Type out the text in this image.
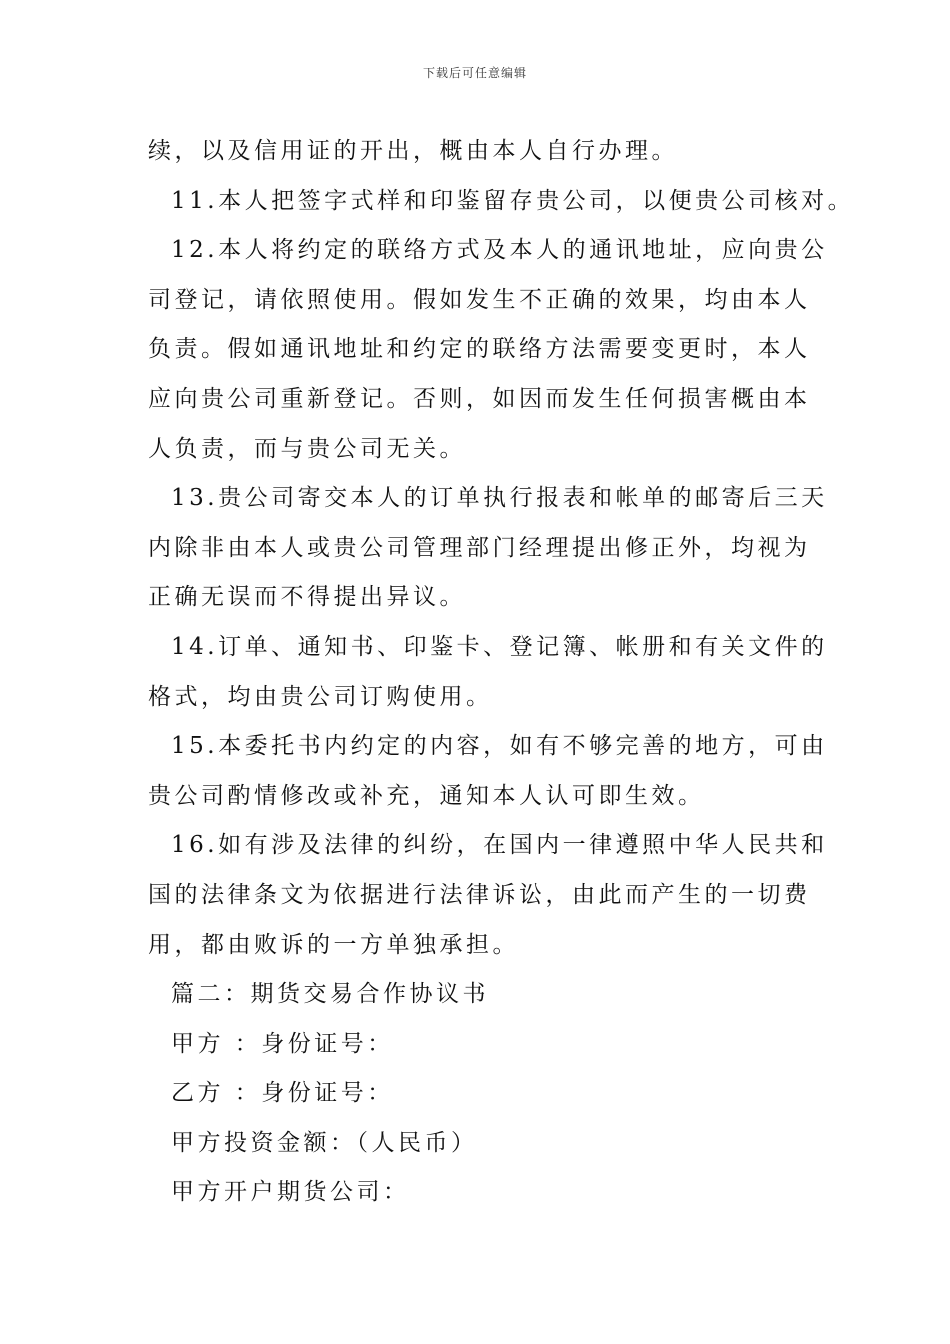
下载后可任意编辑
续，以及信用证的开出，概由本人自行办理。
11.本人把签字式样和印鉴留存贵公司，以便贵公司核对。
12.本人将约定的联络方式及本人的通讯地址，应向贵公
司登记，请依照使用。假如发生不正确的效果，均由本人
负责。假如通讯地址和约定的联络方法需要变更时，本人
应向贵公司重新登记。否则，如因而发生任何损害概由本
人负责，而与贵公司无关。
13.贵公司寄交本人的订单执行报表和帐单的邮寄后三天
内除非由本人或贵公司管理部门经理提出修正外，均视为
正确无误而不得提出异议。
14.订单、通知书、印鉴卡、登记簿、帐册和有关文件的
格式，均由贵公司订购使用。
15.本委托书内约定的内容，如有不够完善的地方，可由
贵公司酌情修改或补充，通知本人认可即生效。
16.如有涉及法律的纠纷，在国内一律遵照中华人民共和
国的法律条文为依据进行法律诉讼，由此而产生的一切费
用，都由败诉的一方单独承担。
篇二：期货交易合作协议书
甲方 ：身份证号：
乙方 ：身份证号：
甲方投资金额：（人民币）
甲方开户期货公司：
